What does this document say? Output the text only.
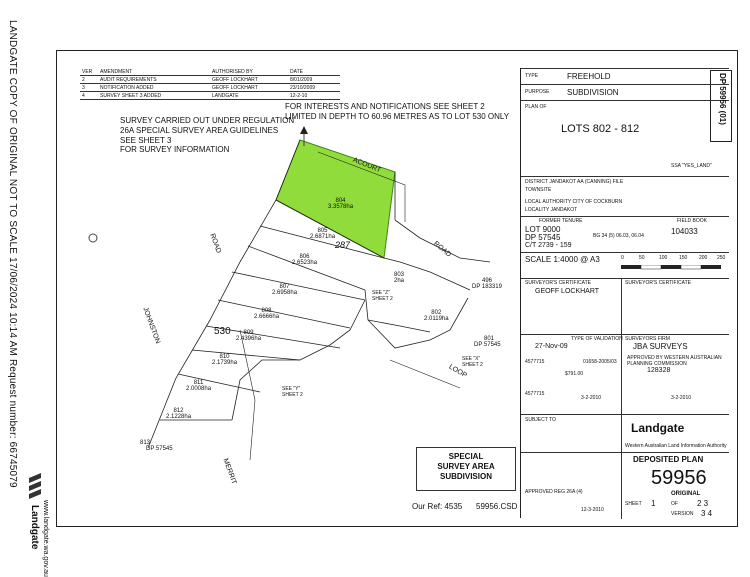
LANDGATE COPY OF ORIGINAL NOT TO SCALE 17/06/2024 10:14 AM Request number: 66745079
Landgate www.landgate.wa.gov.au
VER	AMENDMENT	AUTHORISED BY	DATE
2	AUDIT REQUIREMENTS	GEOFF LOCKHART	8/01/2009
3	NOTIFICATION ADDED	GEOFF LOCKHART	23/10/2009
4	SURVEY SHEET 3 ADDED	LANDGATE	12-2-10
FOR INTERESTS AND NOTIFICATIONS SEE SHEET 2
LIMITED IN DEPTH TO 60.96 METRES AS TO LOT 530 ONLY
SURVEY CARRIED OUT UNDER REGULATION
26A SPECIAL SURVEY AREA GUIDELINES
SEE SHEET 3
FOR SURVEY INFORMATION
ACOURT
ROAD
ROAD
JOHNSTON
MERRIT
LOOP
804
3.3578ha
805
2.6871ha
806
2.6523ha
807
2.6958ha
808
2.6666ha
809
2.4396ha
810
2.1739ha
811
2.0008ha
812
2.1228ha
803
2ha
802
2.0119ha
530
287
813
DP 57545
496
DP 183319
801
DP 57545
SEE "Z" SHEET 2
SEE "X" SHEET 2
SEE "Y" SHEET 2
SPECIAL
SURVEY AREA
SUBDIVISION
Our Ref: 4535 59956.CSD
TYPE	FREEHOLD
PURPOSE SUBDIVISION
PLAN OF
LOTS 802 - 812
SSA "YES_LAND"
DISTRICT JANDAKOT AA (CANNING) FILE
TOWNSITE
LOCAL AUTHORITY CITY OF COCKBURN
LOCALITY JANDAKOT
FORMER TENURE
LOT 9000
DP 57545
C/T 2739 - 159
BG 34 (5) 06.03, 06.04
FIELD BOOK
104033
SCALE 1:4000 @ A3	0	50	100 150 200 250
SURVEYOR'S CERTIFICATE
GEOFF LOCKHART
SURVEYOR'S CERTIFICATE
TYPE OF VALIDATION
27-Nov-09
4577715
$791.00
01658-2005/03
4577715
3-2-2010
SURVEYORS FIRM
JBA SURVEYS
APPROVED BY WESTERN AUSTRALIAN PLANNING COMMISSION
128328
3-2-2010
SUBJECT TO
Landgate
Western Australian Land Information Authority
APPROVED REG 26A (4)
12-3-2010
DEPOSITED PLAN
59956
ORIGINAL
SHEET 1	OF 2 3
VERSION 3 4
DP 59956 (01)
